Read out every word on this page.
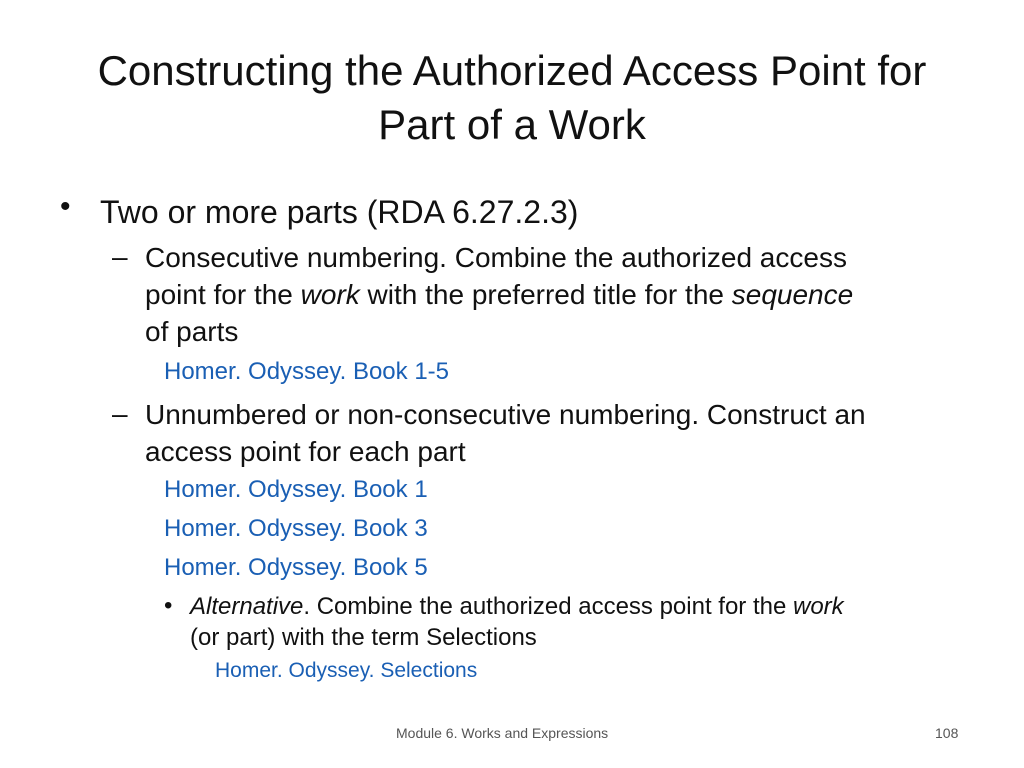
Constructing the Authorized Access Point for
Part of a Work
• Two or more parts (RDA 6.27.2.3)
– Consecutive numbering. Combine the authorized access
point for the work with the preferred title for the sequence
of parts
Homer. Odyssey. Book 1-5
– Unnumbered or non-consecutive numbering. Construct an
access point for each part
Homer. Odyssey. Book 1
Homer. Odyssey. Book 3
Homer. Odyssey. Book 5
• Alternative. Combine the authorized access point for the work
(or part) with the term Selections
Homer. Odyssey. Selections
Module 6. Works and Expressions	108
